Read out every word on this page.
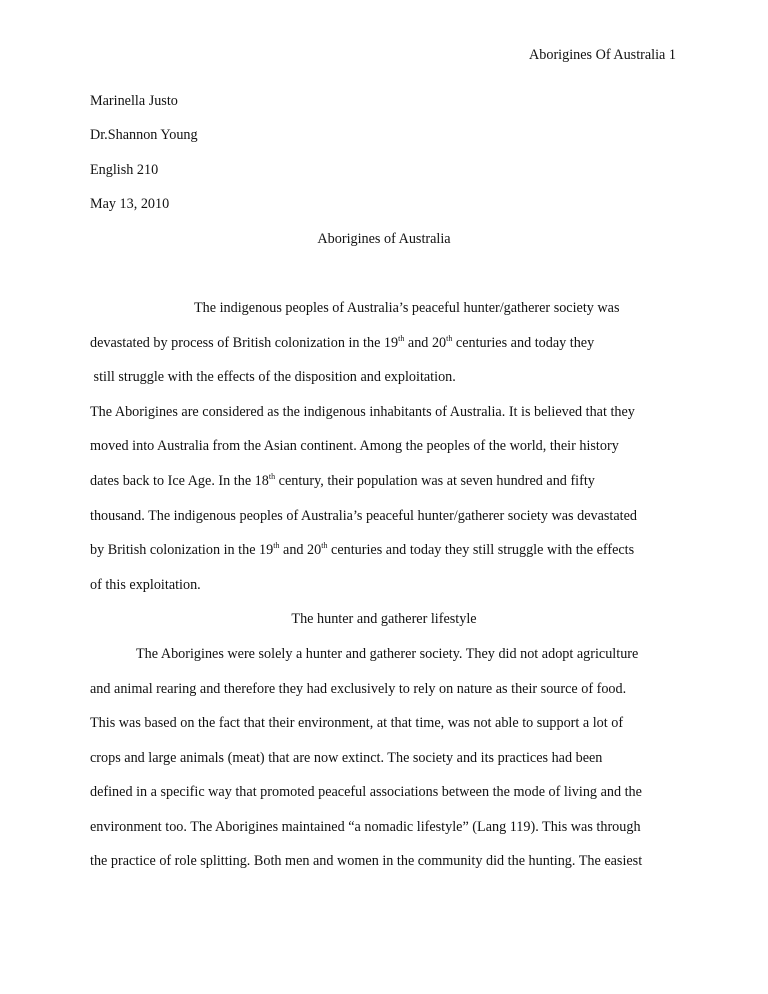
Aborigines Of Australia 1
Marinella Justo
Dr.Shannon Young
English 210
May 13, 2010
Aborigines of Australia
The indigenous peoples of Australia’s peaceful hunter/gatherer society was
devastated by process of British colonization in the 19th and 20th centuries and today they
still struggle with the effects of the disposition and exploitation.
The Aborigines are considered as the indigenous inhabitants of Australia. It is believed that they
moved into Australia from the Asian continent. Among the peoples of the world, their history
dates back to Ice Age. In the 18th century, their population was at seven hundred and fifty
thousand. The indigenous peoples of Australia’s peaceful hunter/gatherer society was devastated
by British colonization in the 19th and 20th centuries and today they still struggle with the effects
of this exploitation.
The hunter and gatherer lifestyle
The Aborigines were solely a hunter and gatherer society. They did not adopt agriculture
and animal rearing and therefore they had exclusively to rely on nature as their source of food.
This was based on the fact that their environment, at that time, was not able to support a lot of
crops and large animals (meat) that are now extinct. The society and its practices had been
defined in a specific way that promoted peaceful associations between the mode of living and the
environment too. The Aborigines maintained “a nomadic lifestyle” (Lang 119). This was through
the practice of role splitting. Both men and women in the community did the hunting. The easiest
